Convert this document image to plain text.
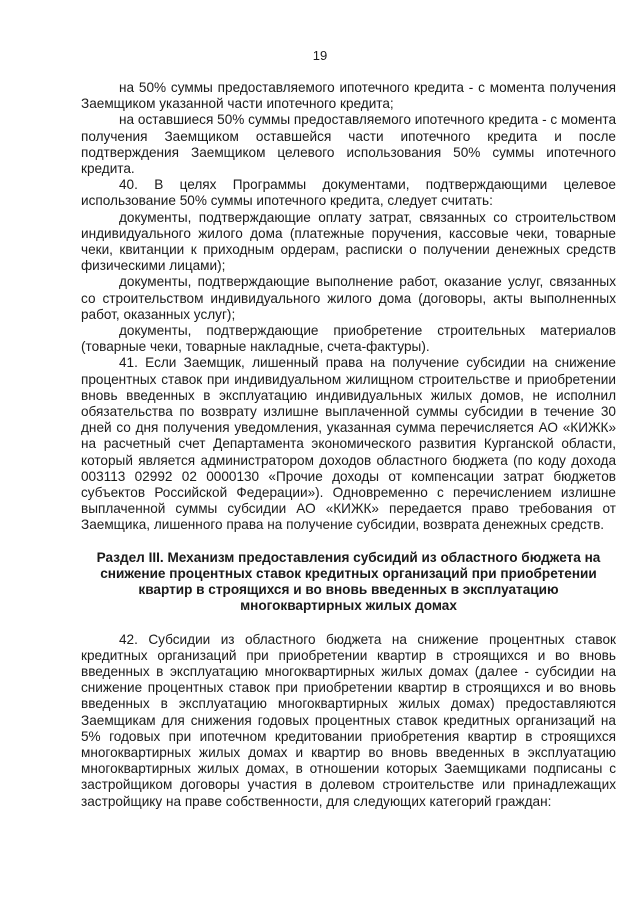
19

на 50% суммы предоставляемого ипотечного кредита - с момента получения Заемщиком указанной части ипотечного кредита;

на оставшиеся 50% суммы предоставляемого ипотечного кредита - с момента получения Заемщиком оставшейся части ипотечного кредита и после подтверждения Заемщиком целевого использования 50% суммы ипотечного кредита.

40. В целях Программы документами, подтверждающими целевое использование 50% суммы ипотечного кредита, следует считать:

документы, подтверждающие оплату затрат, связанных со строительством индивидуального жилого дома (платежные поручения, кассовые чеки, товарные чеки, квитанции к приходным ордерам, расписки о получении денежных средств физическими лицами);

документы, подтверждающие выполнение работ, оказание услуг, связанных со строительством индивидуального жилого дома (договоры, акты выполненных работ, оказанных услуг);

документы, подтверждающие приобретение строительных материалов (товарные чеки, товарные накладные, счета-фактуры).

41. Если Заемщик, лишенный права на получение субсидии на снижение процентных ставок при индивидуальном жилищном строительстве и приобретении вновь введенных в эксплуатацию индивидуальных жилых домов, не исполнил обязательства по возврату излишне выплаченной суммы субсидии в течение 30 дней со дня получения уведомления, указанная сумма перечисляется АО «КИЖК» на расчетный счет Департамента экономического развития Курганской области, который является администратором доходов областного бюджета (по коду дохода 003113 02992 02 0000130 «Прочие доходы от компенсации затрат бюджетов субъектов Российской Федерации»). Одновременно с перечислением излишне выплаченной суммы субсидии АО «КИЖК» передается право требования от Заемщика, лишенного права на получение субсидии, возврата денежных средств.

Раздел III. Механизм предоставления субсидий из областного бюджета на снижение процентных ставок кредитных организаций при приобретении квартир в строящихся и во вновь введенных в эксплуатацию многоквартирных жилых домах

42. Субсидии из областного бюджета на снижение процентных ставок кредитных организаций при приобретении квартир в строящихся и во вновь введенных в эксплуатацию многоквартирных жилых домах (далее - субсидии на снижение процентных ставок при приобретении квартир в строящихся и во вновь введенных в эксплуатацию многоквартирных жилых домах) предоставляются Заемщикам для снижения годовых процентных ставок кредитных организаций на 5% годовых при ипотечном кредитовании приобретения квартир в строящихся многоквартирных жилых домах и квартир во вновь введенных в эксплуатацию многоквартирных жилых домах, в отношении которых Заемщиками подписаны с застройщиком договоры участия в долевом строительстве или принадлежащих застройщику на праве собственности, для следующих категорий граждан:
